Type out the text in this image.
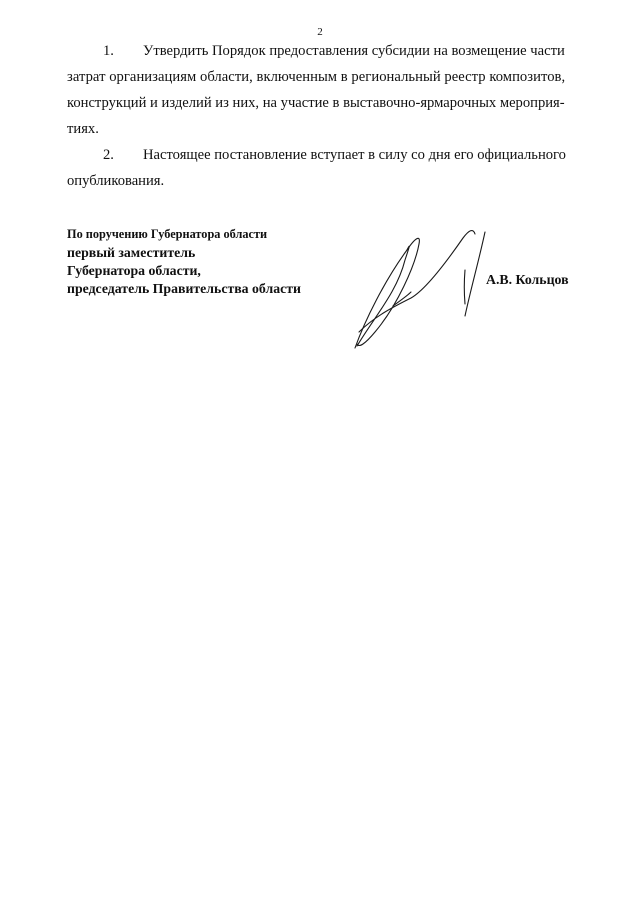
2

1. Утвердить Порядок предоставления субсидии на возмещение части

затрат организациям области, включенным в региональный реестр композитов,

конструкций и изделий из них, на участие в выставочно-ярмарочных мероприя-

тиях.

2. Настоящее постановление вступает в силу со дня его официального

опубликования.

По поручению Губернатора области
первый заместитель
Губернатора области,
председатель Правительства области
А.В. Кольцов
